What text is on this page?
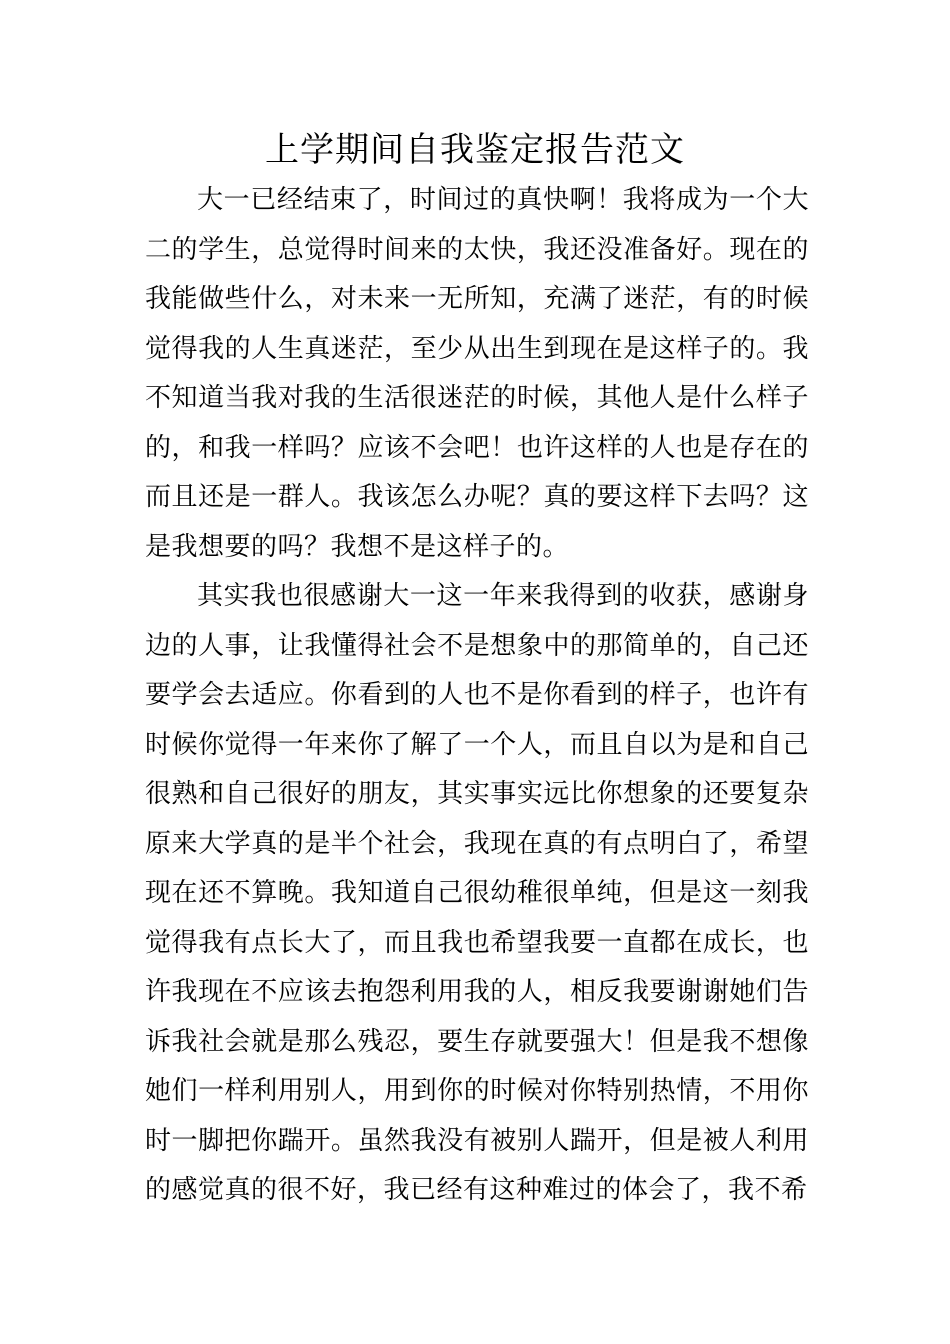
上学期间自我鉴定报告范文

大一已经结束了，时间过的真快啊！我将成为一个大二的学生，总觉得时间来的太快，我还没准备好。现在的我能做些什么，对未来一无所知，充满了迷茫，有的时候觉得我的人生真迷茫，至少从出生到现在是这样子的。我不知道当我对我的生活很迷茫的时候，其他人是什么样子的，和我一样吗？应该不会吧！也许这样的人也是存在的而且还是一群人。我该怎么办呢？真的要这样下去吗？这是我想要的吗？我想不是这样子的。

其实我也很感谢大一这一年来我得到的收获，感谢身边的人事，让我懂得社会不是想象中的那简单的，自己还要学会去适应。你看到的人也不是你看到的样子，也许有时候你觉得一年来你了解了一个人，而且自以为是和自己很熟和自己很好的朋友，其实事实远比你想象的还要复杂原来大学真的是半个社会，我现在真的有点明白了，希望现在还不算晚。我知道自己很幼稚很单纯，但是这一刻我觉得我有点长大了，而且我也希望我要一直都在成长，也许我现在不应该去抱怨利用我的人，相反我要谢谢她们告诉我社会就是那么残忍，要生存就要强大！但是我不想像她们一样利用别人，用到你的时候对你特别热情，不用你时一脚把你踹开。虽然我没有被别人踹开，但是被人利用的感觉真的很不好，我已经有这种难过的体会了，我不希
